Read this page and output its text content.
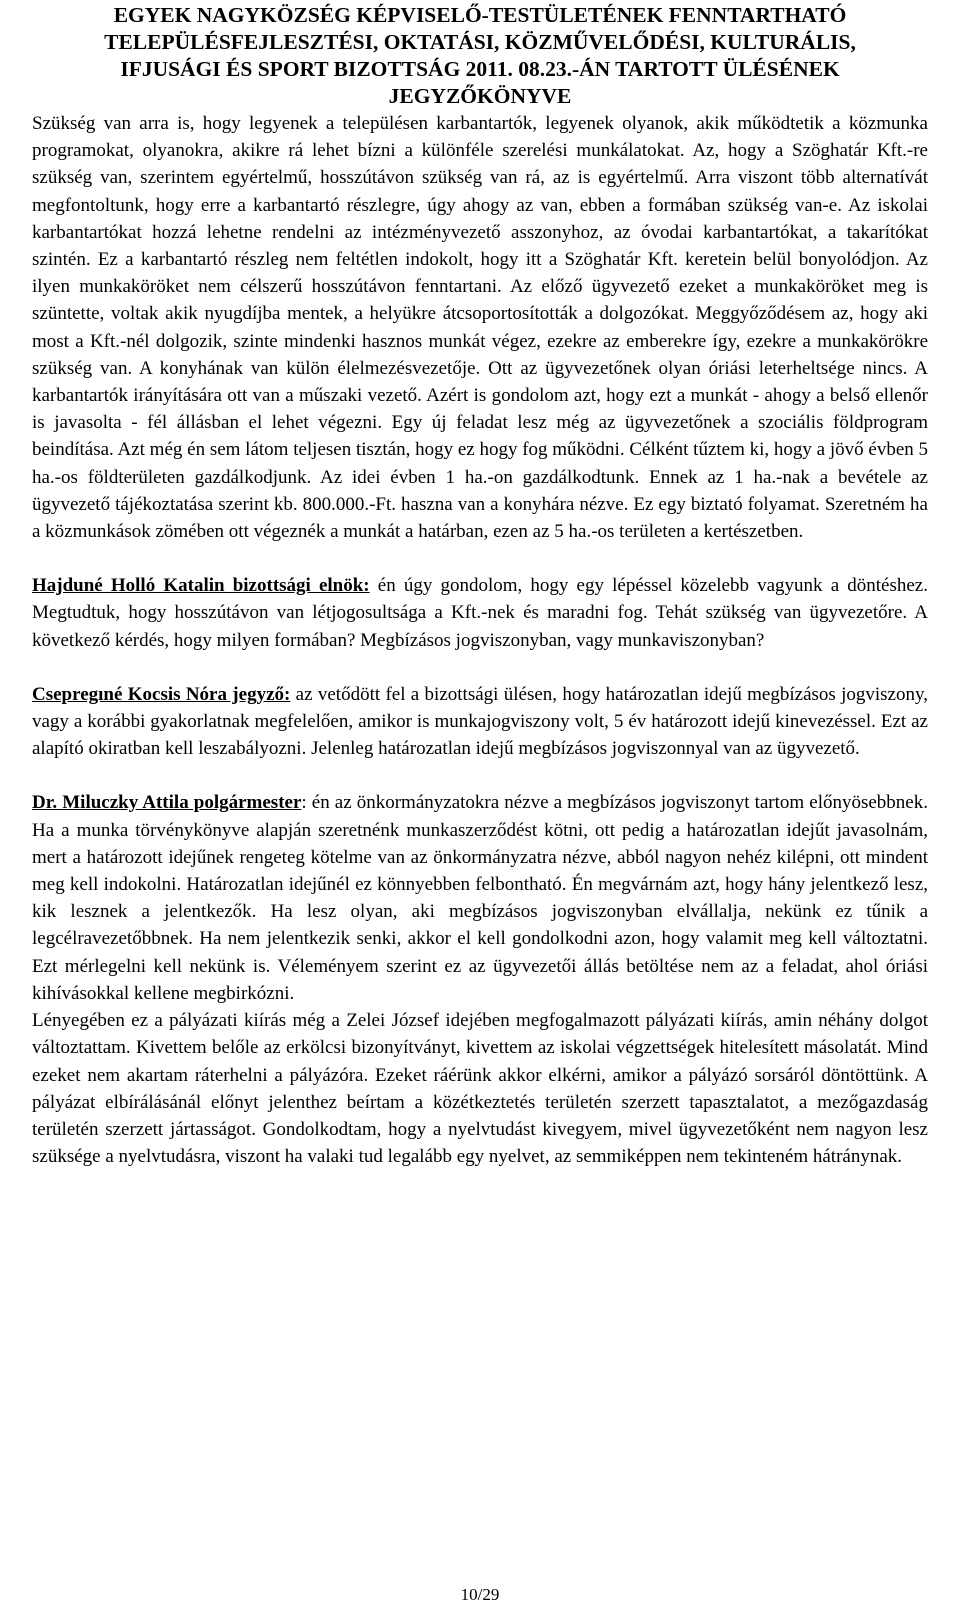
EGYEK NAGYKÖZSÉG KÉPVISELŐ-TESTÜLETÉNEK FENNTARTHATÓ
TELEPÜLÉSFEJLESZTÉSI, OKTATÁSI, KÖZMŰVELŐDÉSI, KULTURÁLIS,
IFJUSÁGI ÉS SPORT BIZOTTSÁG 2011. 08.23.-ÁN TARTOTT ÜLÉSÉNEK
JEGYZŐKÖNYVE

Szükség van arra is, hogy legyenek a településen karbantartók, legyenek olyanok, akik működtetik a közmunka programokat, olyanokra, akikre rá lehet bízni a különféle szerelési munkálatokat. Az, hogy a Szöghatár Kft.-re szükség van, szerintem egyértelmű, hosszútávon szükség van rá, az is egyértelmű. Arra viszont több alternatívát megfontoltunk, hogy erre a karbantartó részlegre, úgy ahogy az van, ebben a formában szükség van-e. Az iskolai karbantartókat hozzá lehetne rendelni az intézményvezető asszonyhoz, az óvodai karbantartókat, a takarítókat szintén. Ez a karbantartó részleg nem feltétlen indokolt, hogy itt a Szöghatár Kft. keretein belül bonyolódjon. Az ilyen munkaköröket nem célszerű hosszútávon fenntartani. Az előző ügyvezető ezeket a munkaköröket meg is szüntette, voltak akik nyugdíjba mentek, a helyükre átcsoportosították a dolgozókat. Meggyőződésem az, hogy aki most a Kft.-nél dolgozik, szinte mindenki hasznos munkát végez, ezekre az emberekre így, ezekre a munkakörökre szükség van. A konyhának van külön élelmezésvezetője. Ott az ügyvezetőnek olyan óriási leterheltsége nincs. A karbantartók irányítására ott van a műszaki vezető. Azért is gondolom azt, hogy ezt a munkát - ahogy a belső ellenőr is javasolta - fél állásban el lehet végezni. Egy új feladat lesz még az ügyvezetőnek a szociális földprogram beindítása. Azt még én sem látom teljesen tisztán, hogy ez hogy fog működni. Célként tűztem ki, hogy a jövő évben 5 ha.-os földterületen gazdálkodjunk. Az idei évben 1 ha.-on gazdálkodtunk. Ennek az 1 ha.-nak a bevétele az ügyvezető tájékoztatása szerint kb. 800.000.-Ft. haszna van a konyhára nézve. Ez egy biztató folyamat. Szeretném ha a közmunkások zömében ott végeznék a munkát a határban, ezen az 5 ha.-os területen a kertészetben.

Hajduné Holló Katalin bizottsági elnök: én úgy gondolom, hogy egy lépéssel közelebb vagyunk a döntéshez. Megtudtuk, hogy hosszútávon van létjogosultsága a Kft.-nek és maradni fog. Tehát szükség van ügyvezetőre. A következő kérdés, hogy milyen formában? Megbízásos jogviszonyban, vagy munkaviszonyban?

Csepregıné Kocsis Nóra jegyző: az vetődött fel a bizottsági ülésen, hogy határozatlan idejű megbízásos jogviszony, vagy a korábbi gyakorlatnak megfelelően, amikor is munkajogviszony volt, 5 év határozott idejű kinevezéssel. Ezt az alapító okiratban kell leszabályozni. Jelenleg határozatlan idejű megbízásos jogviszonnyal van az ügyvezető.

Dr. Miluczky Attila polgármester: én az önkormányzatokra nézve a megbízásos jogviszonyt tartom előnyösebbnek. Ha a munka törvénykönyve alapján szeretnénk munkaszerződést kötni, ott pedig a határozatlan idejűt javasolnám, mert a határozott idejűnek rengeteg kötelme van az önkormányzatra nézve, abból nagyon nehéz kilépni, ott mindent meg kell indokolni. Határozatlan idejűnél ez könnyebben felbontható. Én megvárnám azt, hogy hány jelentkező lesz, kik lesznek a jelentkezők. Ha lesz olyan, aki megbízásos jogviszonyban elvállalja, nekünk ez tűnik a legcélravezetőbbnek. Ha nem jelentkezik senki, akkor el kell gondolkodni azon, hogy valamit meg kell változtatni. Ezt mérlegelni kell nekünk is. Véleményem szerint ez az ügyvezetői állás betöltése nem az a feladat, ahol óriási kihívásokkal kellene megbirkózni.

Lényegében ez a pályázati kiírás még a Zelei József idejében megfogalmazott pályázati kiírás, amin néhány dolgot változtattam. Kivettem belőle az erkölcsi bizonyítványt, kivettem az iskolai végzettségek hitelesített másolatát. Mind ezeket nem akartam ráterhelni a pályázóra. Ezeket ráérünk akkor elkérni, amikor a pályázó sorsáról döntöttünk. A pályázat elbírálásánál előnyt jelenthez beírtam a közétkeztetés területén szerzett tapasztalatot, a mezőgazdaság területén szerzett jártasságot. Gondolkodtam, hogy a nyelvtudást kivegyem, mivel ügyvezetőként nem nagyon lesz szüksége a nyelvtudásra, viszont ha valaki tud legalább egy nyelvet, az semmiképpen nem tekinteném hátránynak.

10/29
